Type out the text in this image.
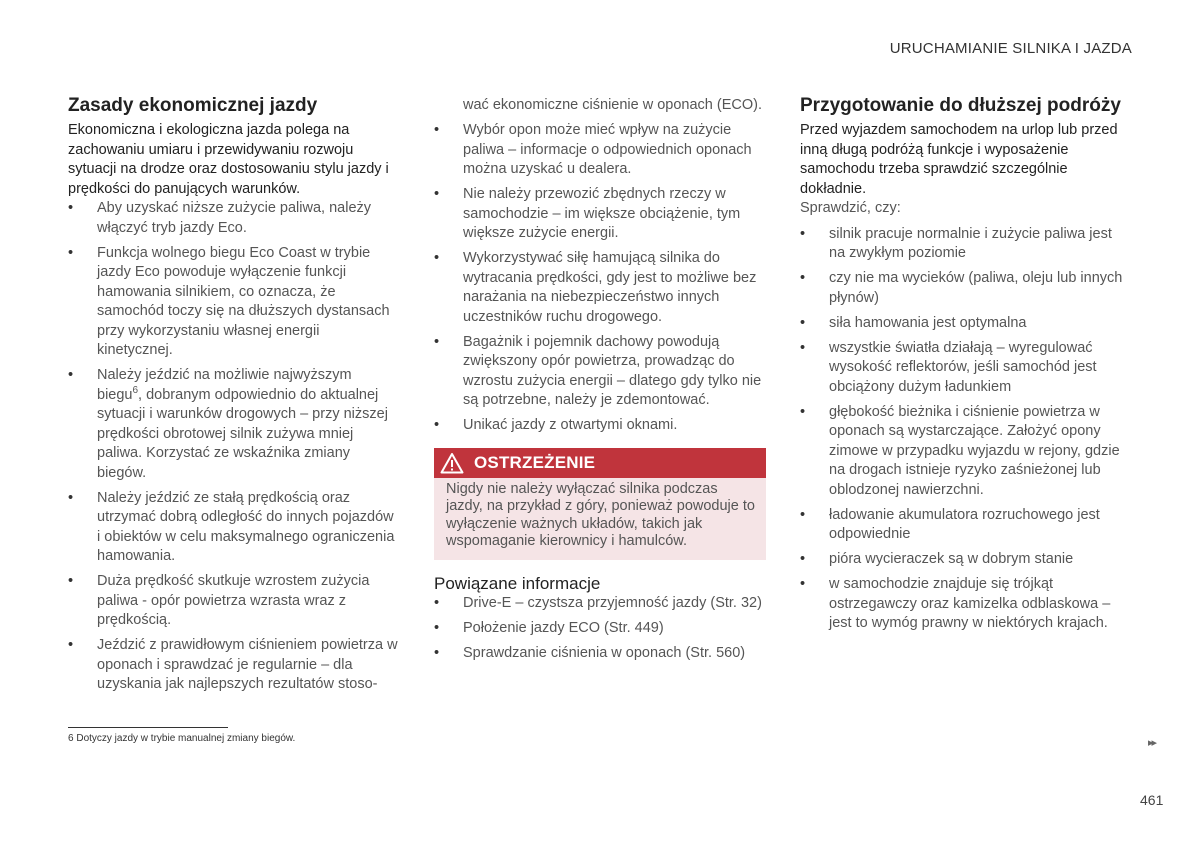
URUCHAMIANIE SILNIKA I JAZDA
Zasady ekonomicznej jazdy

Ekonomiczna i ekologiczna jazda polega na zachowaniu umiaru i przewidywaniu rozwoju sytuacji na drodze oraz dostosowaniu stylu jazdy i prędkości do panujących warunków.

• Aby uzyskać niższe zużycie paliwa, należy włączyć tryb jazdy Eco.
• Funkcja wolnego biegu Eco Coast w trybie jazdy Eco powoduje wyłączenie funkcji hamowania silnikiem, co oznacza, że samochód toczy się na dłuższych dystansach przy wykorzystaniu własnej energii kinetycznej.
• Należy jeździć na możliwie najwyższym biegu$^6$, dobranym odpowiednio do aktualnej sytuacji i warunków drogowych – przy niższej prędkości obrotowej silnik zużywa mniej paliwa. Korzystać ze wskaźnika zmiany biegów.
• Należy jeździć ze stałą prędkością oraz utrzymać dobrą odległość do innych pojazdów i obiektów w celu maksymalnego ograniczenia hamowania.
• Duża prędkość skutkuje wzrostem zużycia paliwa - opór powietrza wzrasta wraz z prędkością.
• Jeździć z prawidłowym ciśnieniem powietrza w oponach i sprawdzać je regularnie – dla uzyskania jak najlepszych rezultatów stoso-
wać ekonomiczne ciśnienie w oponach (ECO).
• Wybór opon może mieć wpływ na zużycie paliwa – informacje o odpowiednich oponach można uzyskać u dealera.
• Nie należy przewozić zbędnych rzeczy w samochodzie – im większe obciążenie, tym większe zużycie energii.
• Wykorzystywać siłę hamującą silnika do wytracania prędkości, gdy jest to możliwe bez narażania na niebezpieczeństwo innych uczestników ruchu drogowego.
• Bagażnik i pojemnik dachowy powodują zwiększony opór powietrza, prowadząc do wzrostu zużycia energii – dlatego gdy tylko nie są potrzebne, należy je zdemontować.
• Unikać jazdy z otwartymi oknami.
OSTRZEŻENIE
Nigdy nie należy wyłączać silnika podczas jazdy, na przykład z góry, ponieważ powoduje to wyłączenie ważnych układów, takich jak wspomaganie kierownicy i hamulców.
Powiązane informacje
• Drive-E – czystsza przyjemność jazdy (Str. 32)
• Położenie jazdy ECO (Str. 449)
• Sprawdzanie ciśnienia w oponach (Str. 560)
Przygotowanie do dłuższej podróży

Przed wyjazdem samochodem na urlop lub przed inną długą podróżą funkcje i wyposażenie samochodu trzeba sprawdzić szczególnie dokładnie.

Sprawdzić, czy:

• silnik pracuje normalnie i zużycie paliwa jest na zwykłym poziomie
• czy nie ma wycieków (paliwa, oleju lub innych płynów)
• siła hamowania jest optymalna
• wszystkie światła działają – wyregulować wysokość reflektorów, jeśli samochód jest obciążony dużym ładunkiem
• głębokość bieżnika i ciśnienie powietrza w oponach są wystarczające. Założyć opony zimowe w przypadku wyjazdu w rejony, gdzie na drogach istnieje ryzyko zaśnieżonej lub oblodzonej nawierzchni.
• ładowanie akumulatora rozruchowego jest odpowiednie
• pióra wycieraczek są w dobrym stanie
• w samochodzie znajduje się trójkąt ostrzegawczy oraz kamizelka odblaskowa – jest to wymóg prawny w niektórych krajach.
6 Dotyczy jazdy w trybie manualnej zmiany biegów.	▸▸
461
